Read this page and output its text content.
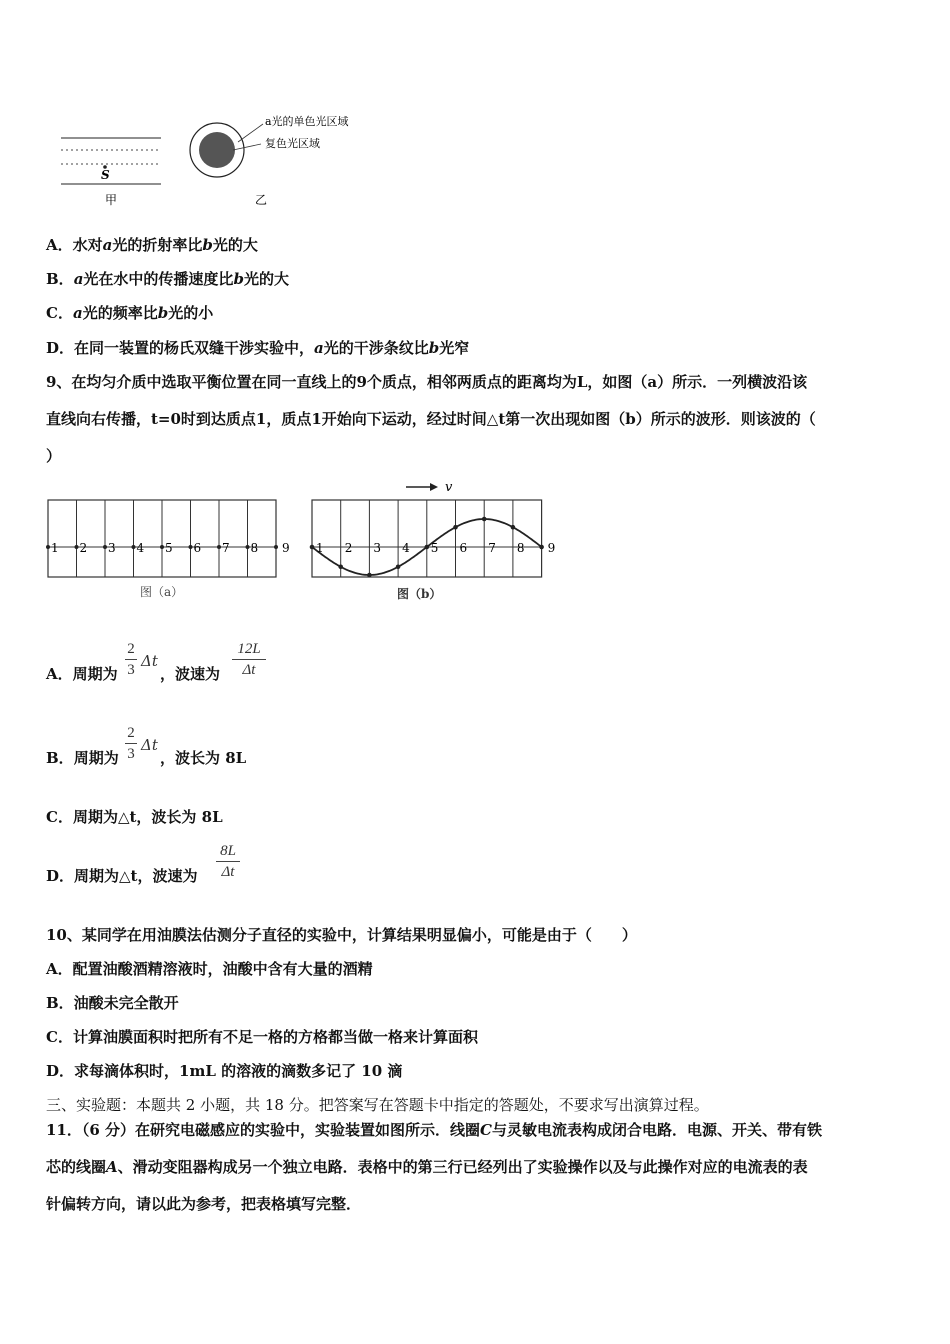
S
甲
a光的单色光区域
复色光区域
乙
A．水对a光的折射率比b光的大
B．a光在水中的传播速度比b光的大
C．a光的频率比b光的小
D．在同一装置的杨氏双缝干涉实验中，a光的干涉条纹比b光窄
9、在均匀介质中选取平衡位置在同一直线上的9个质点，相邻两质点的距离均为L，如图（a）所示．一列横波沿该
直线向右传播，t=0时到达质点1，质点1开始向下运动，经过时间△t第一次出现如图（b）所示的波形．则该波的（
）
1 2 3 4 5 6 7 8 9 1 2 3 4 5 6 7 8 9
v
图（a）	图（b）
A．周期为
2
3 Δt
，波速为
12L
Δt
B．周期为
2
3 Δt
，波长为 8L
C．周期为△t，波长为 8L
D．周期为△t，波速为
8L
Δt
10、某同学在用油膜法估测分子直径的实验中，计算结果明显偏小，可能是由于（　　）
A．配置油酸酒精溶液时，油酸中含有大量的酒精
B．油酸未完全散开
C．计算油膜面积时把所有不足一格的方格都当做一格来计算面积
D．求每滴体积时，1mL 的溶液的滴数多记了 10 滴
三、实验题：本题共 2 小题，共 18 分。把答案写在答题卡中指定的答题处，不要求写出演算过程。
11．（6 分）在研究电磁感应的实验中，实验装置如图所示．线圈C与灵敏电流表构成闭合电路．电源、开关、带有铁
芯的线圈A、滑动变阻器构成另一个独立电路．表格中的第三行已经列出了实验操作以及与此操作对应的电流表的表
针偏转方向，请以此为参考，把表格填写完整．
